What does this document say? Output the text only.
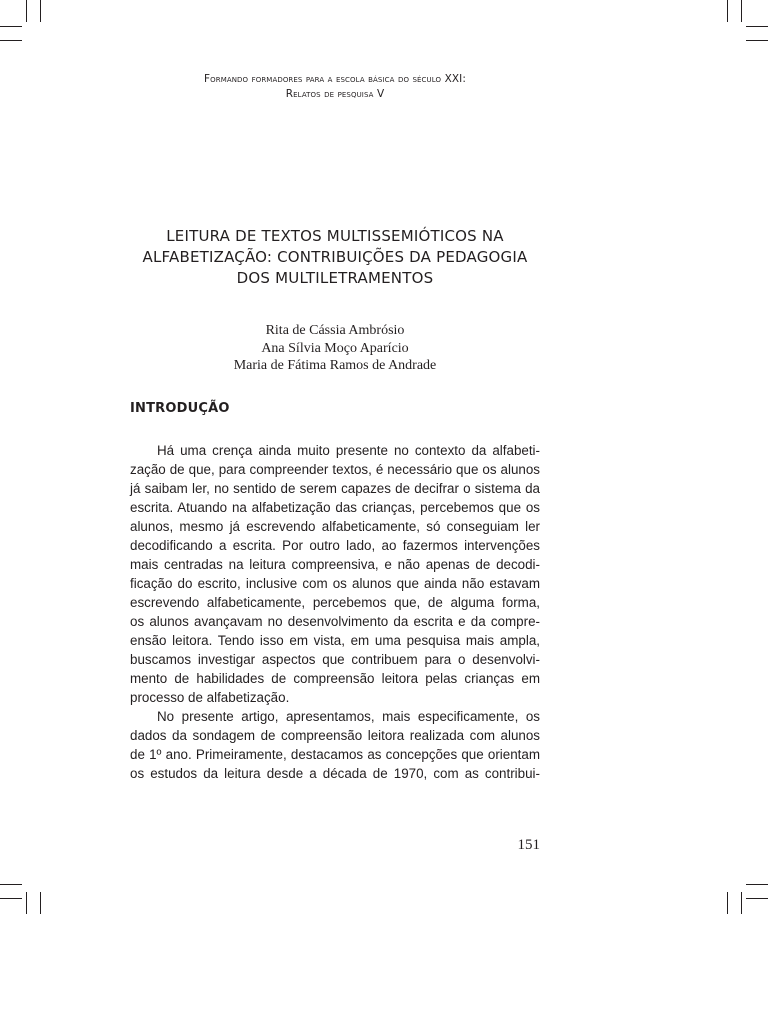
Formando formadores para a escola básica do século XXI:
Relatos de pesquisa V
LEITURA DE TEXTOS MULTISSEMIÓTICOS NA
ALFABETIZAÇÃO: CONTRIBUIÇÕES DA PEDAGOGIA
DOS MULTILETRAMENTOS
Rita de Cássia Ambrósio
Ana Sílvia Moço Aparício
Maria de Fátima Ramos de Andrade
INTRODUÇÃO

Há uma crença ainda muito presente no contexto da alfabeti-
zação de que, para compreender textos, é necessário que os alunos
já saibam ler, no sentido de serem capazes de decifrar o sistema da
escrita. Atuando na alfabetização das crianças, percebemos que os
alunos, mesmo já escrevendo alfabeticamente, só conseguiam ler
decodificando a escrita. Por outro lado, ao fazermos intervenções
mais centradas na leitura compreensiva, e não apenas de decodi-
ficação do escrito, inclusive com os alunos que ainda não estavam
escrevendo alfabeticamente, percebemos que, de alguma forma,
os alunos avançavam no desenvolvimento da escrita e da compre-
ensão leitora. Tendo isso em vista, em uma pesquisa mais ampla,
buscamos investigar aspectos que contribuem para o desenvolvi-
mento de habilidades de compreensão leitora pelas crianças em
processo de alfabetização.

No presente artigo, apresentamos, mais especificamente, os
dados da sondagem de compreensão leitora realizada com alunos
de 1º ano. Primeiramente, destacamos as concepções que orientam
os estudos da leitura desde a década de 1970, com as contribui-

151
